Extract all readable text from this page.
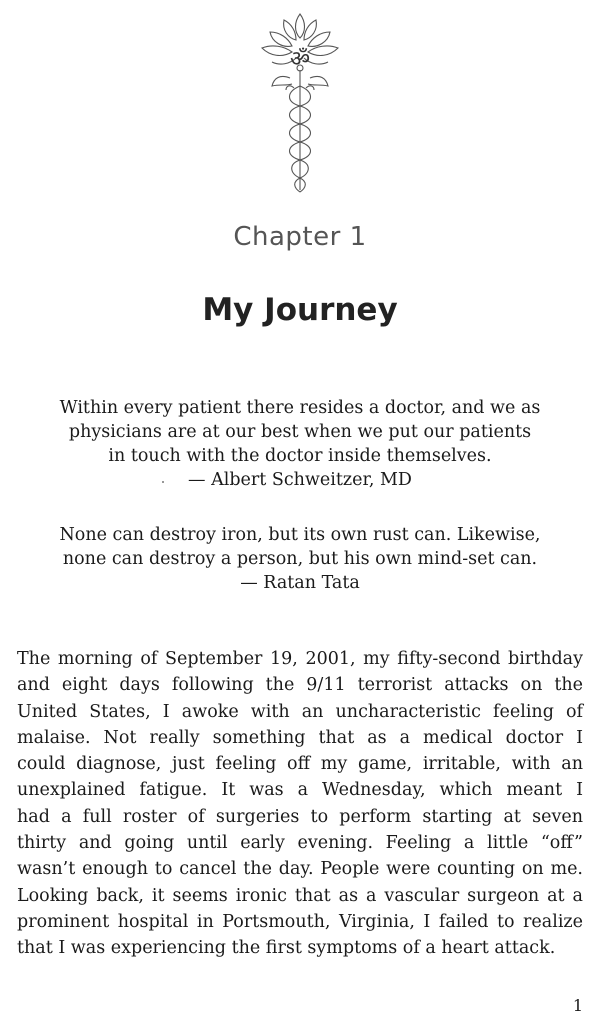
ॐ
Chapter 1
My Journey
Within every patient there resides a doctor, and we as
physicians are at our best when we put our patients
in touch with the doctor inside themselves.
— Albert Schweitzer, MD
None can destroy iron, but its own rust can. Likewise,
none can destroy a person, but his own mind-set can.
— Ratan Tata
The morning of September 19, 2001, my fifty-second birthday
and eight days following the 9/11 terrorist attacks on the
United States, I awoke with an uncharacteristic feeling of
malaise. Not really something that as a medical doctor I
could diagnose, just feeling off my game, irritable, with an
unexplained fatigue. It was a Wednesday, which meant I
had a full roster of surgeries to perform starting at seven
thirty and going until early evening. Feeling a little “off”
wasn’t enough to cancel the day. People were counting on me.
Looking back, it seems ironic that as a vascular surgeon at a
prominent hospital in Portsmouth, Virginia, I failed to realize
that I was experiencing the first symptoms of a heart attack.
1
